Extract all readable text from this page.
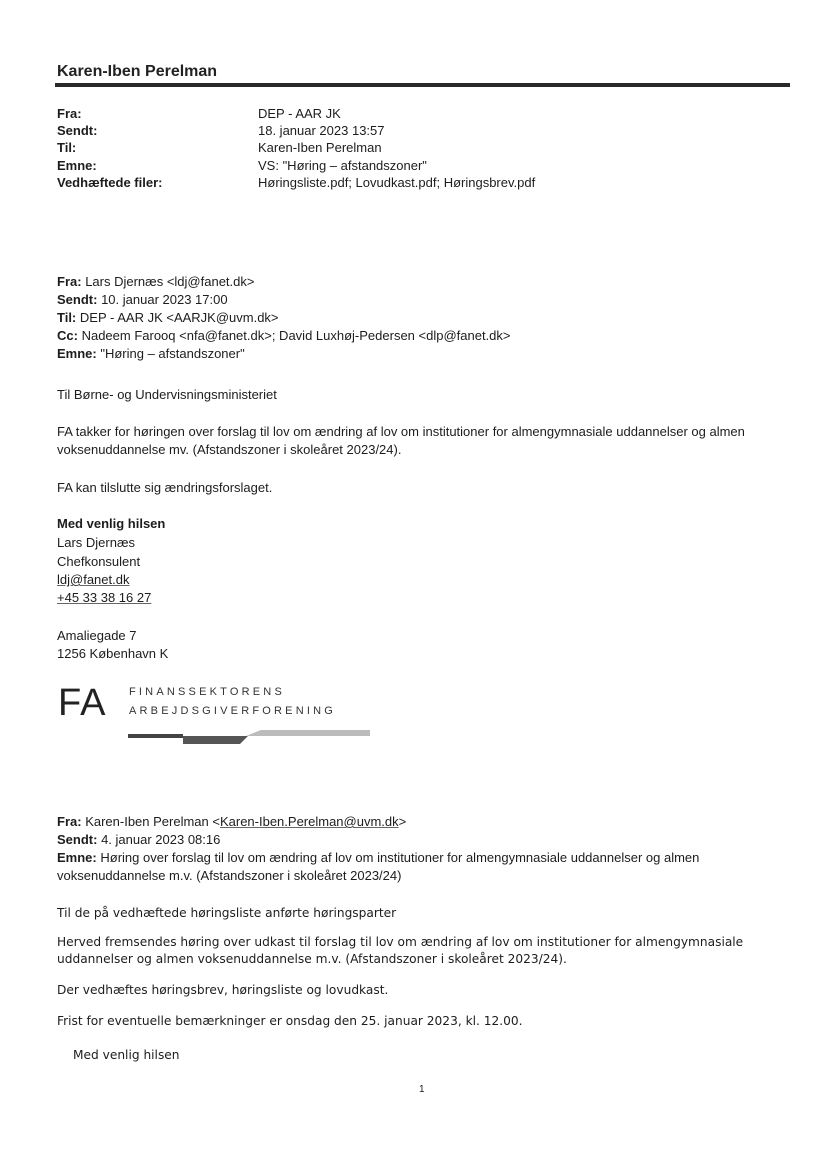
Karen-Iben Perelman
Fra:	DEP - AAR JK
Sendt:	18. januar 2023 13:57
Til:	Karen-Iben Perelman
Emne:	VS: "Høring – afstandszoner"
Vedhæftede filer:	Høringsliste.pdf; Lovudkast.pdf; Høringsbrev.pdf
Fra: Lars Djernæs <ldj@fanet.dk>
Sendt: 10. januar 2023 17:00
Til: DEP - AAR JK <AARJK@uvm.dk>
Cc: Nadeem Farooq <nfa@fanet.dk>; David Luxhøj-Pedersen <dlp@fanet.dk>
Emne: "Høring – afstandszoner"
Til Børne- og Undervisningsministeriet
FA takker for høringen over forslag til lov om ændring af lov om institutioner for almengymnasiale uddannelser og almen voksenuddannelse mv. (Afstandszoner i skoleåret 2023/24).
FA kan tilslutte sig ændringsforslaget.
Med venlig hilsen
Lars Djernæs
Chefkonsulent
ldj@fanet.dk
+45 33 38 16 27
Amaliegade 7
1256 København K
FA FINANSSEKTORENS
ARBEJDSGIVERFORENING
Fra: Karen-Iben Perelman <Karen-Iben.Perelman@uvm.dk>
Sendt: 4. januar 2023 08:16
Emne: Høring over forslag til lov om ændring af lov om institutioner for almengymnasiale uddannelser og almen voksenuddannelse m.v. (Afstandszoner i skoleåret 2023/24)
Til de på vedhæftede høringsliste anførte høringsparter
Herved fremsendes høring over udkast til forslag til lov om ændring af lov om institutioner for almengymnasiale uddannelser og almen voksenuddannelse m.v. (Afstandszoner i skoleåret 2023/24).
Der vedhæftes høringsbrev, høringsliste og lovudkast.
Frist for eventuelle bemærkninger er onsdag den 25. januar 2023, kl. 12.00.
Med venlig hilsen
1
